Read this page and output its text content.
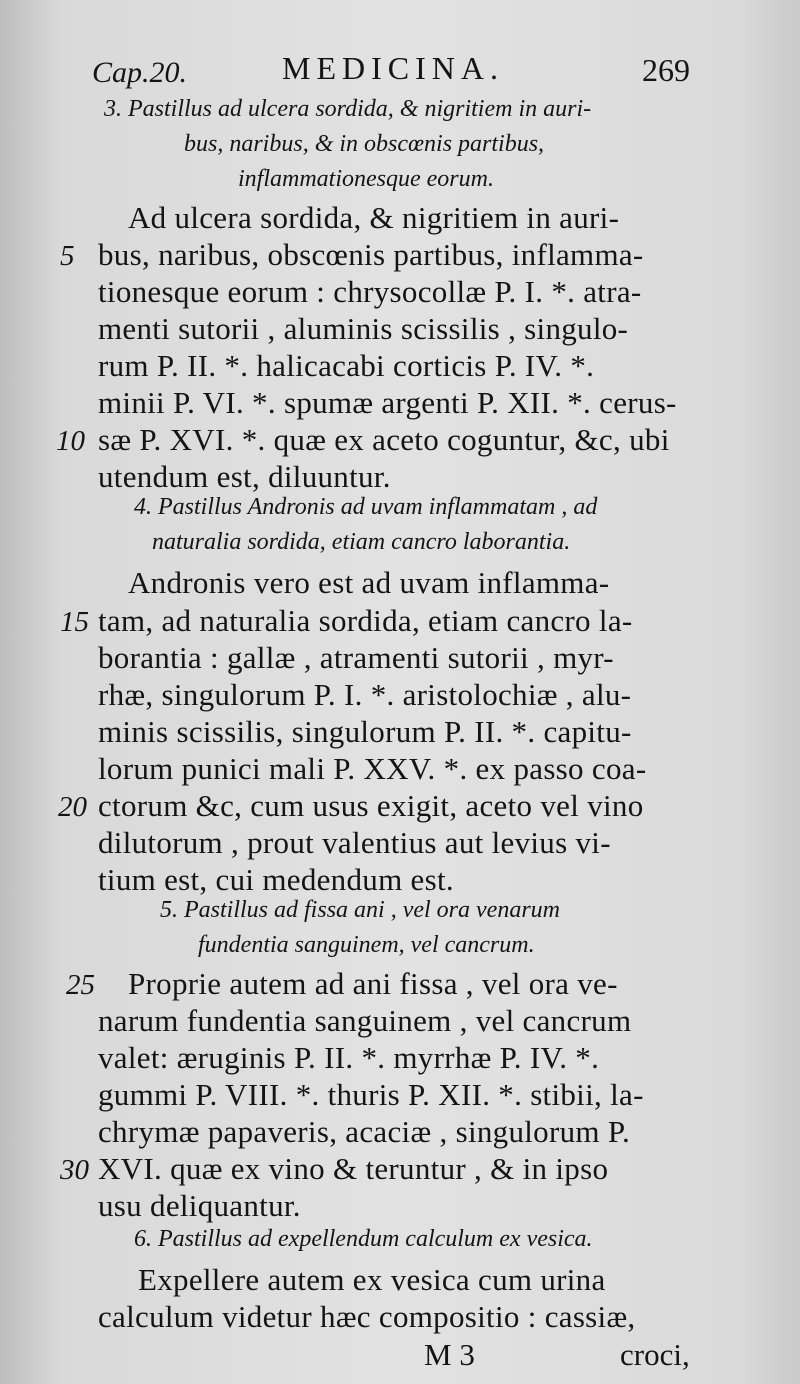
Cap.20.	MEDICINA.	269

3. Pastillus ad ulcera sordida, & nigritiem in auri-

bus, naribus, & in obscœnis partibus,

inflammationesque eorum.

Ad ulcera sordida, & nigritiem in auri-

bus, naribus, obscœnis partibus, inflamma-

tionesque eorum : chrysocollæ P. I. *. atra-

menti sutorii , aluminis scissilis , singulo-

rum P. II. *. halicacabi corticis P. IV. *.

minii P. VI. *. spumæ argenti P. XII. *. cerus-

sæ P. XVI. *. quæ ex aceto coguntur, &c, ubi

utendum est, diluuntur.

4. Pastillus Andronis ad uvam inflammatam , ad

naturalia sordida, etiam cancro laborantia.

Andronis vero est ad uvam inflamma-

tam, ad naturalia sordida, etiam cancro la-

borantia : gallæ , atramenti sutorii , myr-

rhæ, singulorum P. I. *. aristolochiæ , alu-

minis scissilis, singulorum P. II. *. capitu-

lorum punici mali P. XXV. *. ex passo coa-

ctorum &c, cum usus exigit, aceto vel vino

dilutorum , prout valentius aut levius vi-

tium est, cui medendum est.

5. Pastillus ad fissa ani , vel ora venarum

fundentia sanguinem, vel cancrum.

Proprie autem ad ani fissa , vel ora ve-

narum fundentia sanguinem , vel cancrum

valet: æruginis P. II. *. myrrhæ P. IV. *.

gummi P. VIII. *. thuris P. XII. *. stibii, la-

chrymæ papaveris, acaciæ , singulorum P.

XVI. quæ ex vino & teruntur , & in ipso

usu deliquantur.

6. Pastillus ad expellendum calculum ex vesica.

Expellere autem ex vesica cum urina

calculum videtur hæc compositio : cassiæ,

5
10
15
20
25
30
M 3	croci,
